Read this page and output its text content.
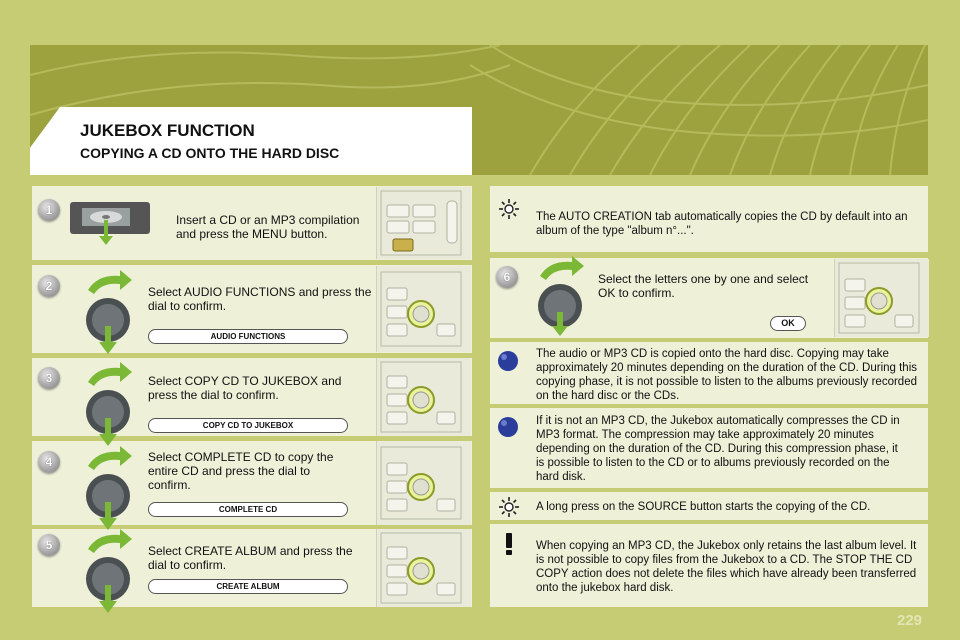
JUKEBOX FUNCTION
COPYING A CD ONTO THE HARD DISC
1
Insert a CD or an MP3 compilation and press the MENU button.
2	Select AUDIO FUNCTIONS and press the dial to confirm.
AUDIO FUNCTIONS
3	Select COPY CD TO JUKEBOX and press the dial to confirm.
COPY CD TO JUKEBOX
4	Select COMPLETE CD to copy the entire CD and press the dial to confirm.
COMPLETE CD
5	Select CREATE ALBUM and press the dial to confirm.
CREATE ALBUM
The AUTO CREATION tab automatically copies the CD by default into an album of the type "album n°...".
6	Select the letters one by one and select OK to confirm.
OK
The audio or MP3 CD is copied onto the hard disc. Copying may take approximately 20 minutes depending on the duration of the CD. During this copying phase, it is not possible to listen to the albums previously recorded on the hard disc or the CDs.
If it is not an MP3 CD, the Jukebox automatically compresses the CD in MP3 format. The compression may take approximately 20 minutes depending on the duration of the CD. During this compression phase, it is possible to listen to the CD or to albums previously recorded on the hard disk.
A long press on the SOURCE button starts the copying of the CD.
When copying an MP3 CD, the Jukebox only retains the last album level. It is not possible to copy files from the Jukebox to a CD. The STOP THE CD COPY action does not delete the files which have already been transferred onto the jukebox hard disk.
229
